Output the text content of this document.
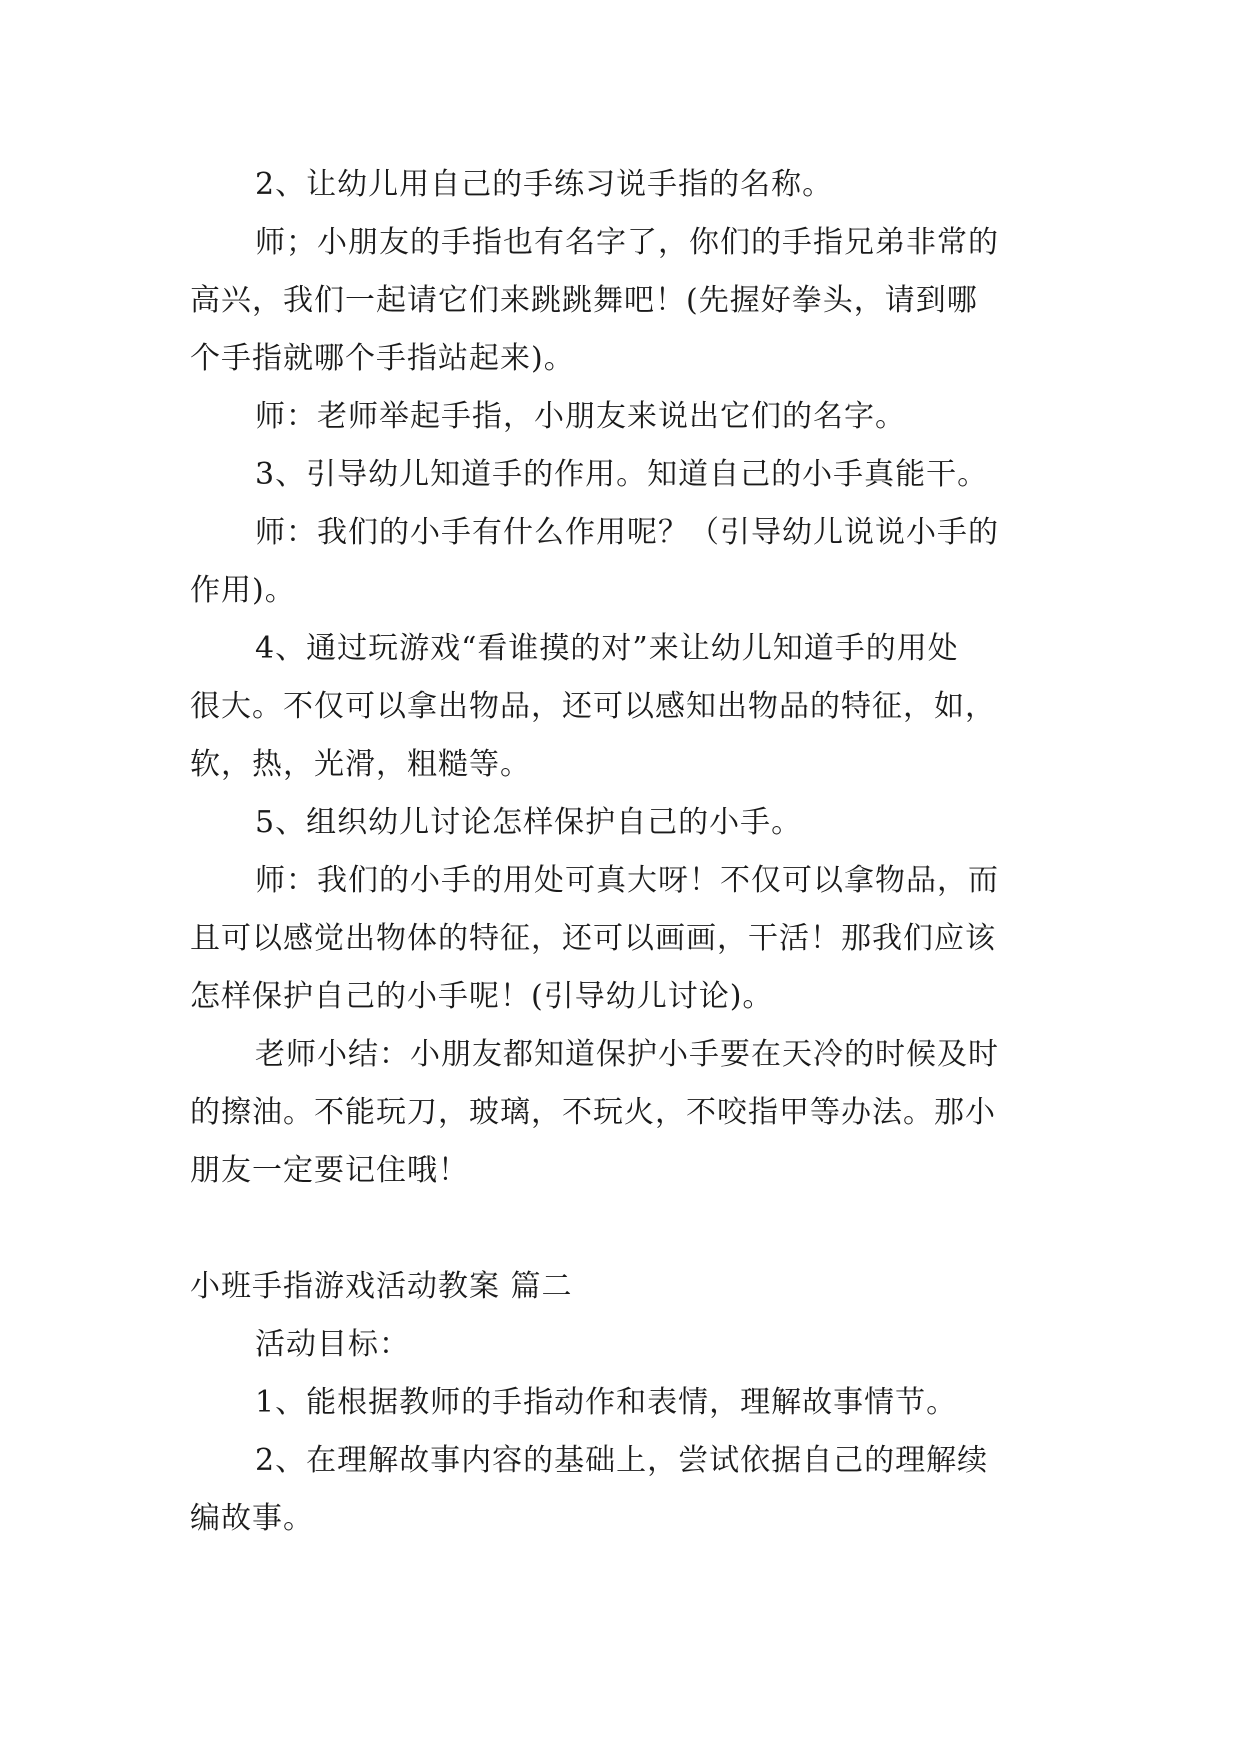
2、让幼儿用自己的手练习说手指的名称。
师；小朋友的手指也有名字了，你们的手指兄弟非常的
高兴，我们一起请它们来跳跳舞吧！(先握好拳头，请到哪
个手指就哪个手指站起来)。
师：老师举起手指，小朋友来说出它们的名字。
3、引导幼儿知道手的作用。知道自己的小手真能干。
师：我们的小手有什么作用呢？（引导幼儿说说小手的
作用)。
4、通过玩游戏“看谁摸的对”来让幼儿知道手的用处
很大。不仅可以拿出物品，还可以感知出物品的特征，如，
软，热，光滑，粗糙等。
5、组织幼儿讨论怎样保护自己的小手。
师：我们的小手的用处可真大呀！不仅可以拿物品，而
且可以感觉出物体的特征，还可以画画，干活！那我们应该
怎样保护自己的小手呢！(引导幼儿讨论)。
老师小结：小朋友都知道保护小手要在天冷的时候及时
的擦油。不能玩刀，玻璃，不玩火，不咬指甲等办法。那小
朋友一定要记住哦！
小班手指游戏活动教案 篇二
活动目标：
1、能根据教师的手指动作和表情，理解故事情节。
2、在理解故事内容的基础上，尝试依据自己的理解续
编故事。
